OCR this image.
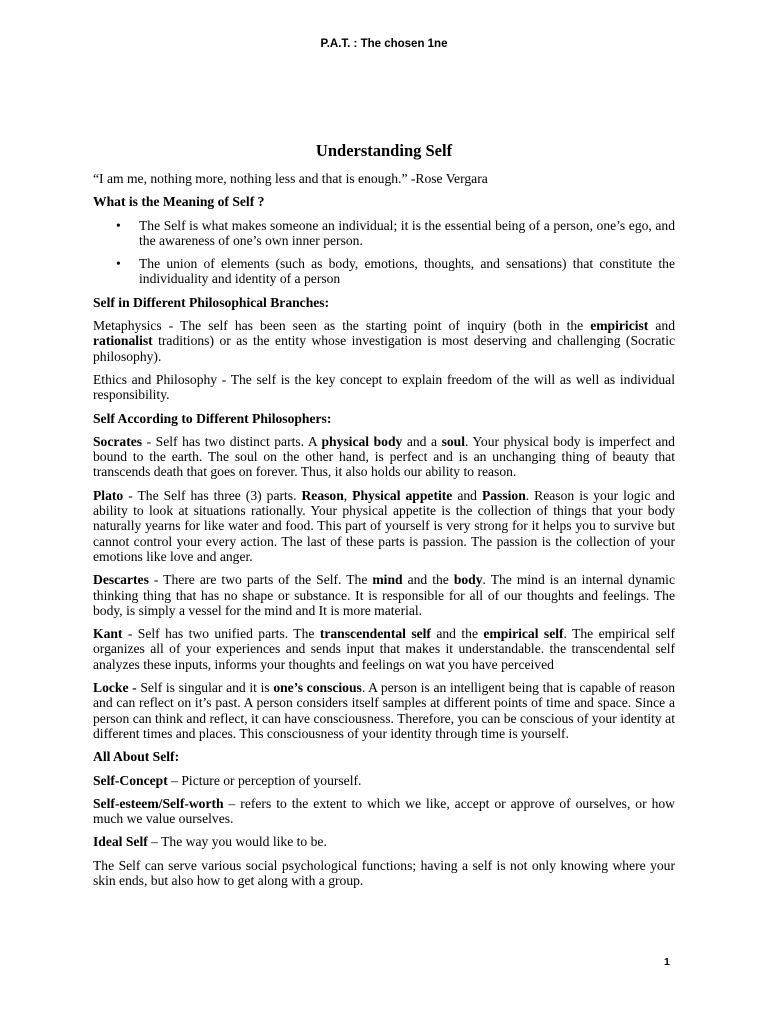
P.A.T. : The chosen 1ne
Understanding Self

“I am me, nothing more, nothing less and that is enough.” -Rose Vergara

What is the Meaning of Self ?
• The Self is what makes someone an individual; it is the essential being of a person, one’s ego, and the awareness of one’s own inner person.
• The union of elements (such as body, emotions, thoughts, and sensations) that constitute the individuality and identity of a person
Self in Different Philosophical Branches:

Metaphysics - The self has been seen as the starting point of inquiry (both in the empiricist and rationalist traditions) or as the entity whose investigation is most deserving and challenging (Socratic philosophy).

Ethics and Philosophy - The self is the key concept to explain freedom of the will as well as individual responsibility.

Self According to Different Philosophers:

Socrates - Self has two distinct parts. A physical body and a soul. Your physical body is imperfect and bound to the earth. The soul on the other hand, is perfect and is an unchanging thing of beauty that transcends death that goes on forever. Thus, it also holds our ability to reason.

Plato - The Self has three (3) parts. Reason, Physical appetite and Passion. Reason is your logic and ability to look at situations rationally. Your physical appetite is the collection of things that your body naturally yearns for like water and food. This part of yourself is very strong for it helps you to survive but cannot control your every action. The last of these parts is passion. The passion is the collection of your emotions like love and anger.

Descartes - There are two parts of the Self. The mind and the body. The mind is an internal dynamic thinking thing that has no shape or substance. It is responsible for all of our thoughts and feelings. The body, is simply a vessel for the mind and It is more material.

Kant - Self has two unified parts. The transcendental self and the empirical self. The empirical self organizes all of your experiences and sends input that makes it understandable. the transcendental self analyzes these inputs, informs your thoughts and feelings on wat you have perceived

Locke - Self is singular and it is one’s conscious. A person is an intelligent being that is capable of reason and can reflect on it’s past. A person considers itself samples at different points of time and space. Since a person can think and reflect, it can have consciousness. Therefore, you can be conscious of your identity at different times and places. This consciousness of your identity through time is yourself.

All About Self:

Self-Concept – Picture or perception of yourself.

Self-esteem/Self-worth – refers to the extent to which we like, accept or approve of ourselves, or how much we value ourselves.

Ideal Self – The way you would like to be.

The Self can serve various social psychological functions; having a self is not only knowing where your skin ends, but also how to get along with a group.

1
